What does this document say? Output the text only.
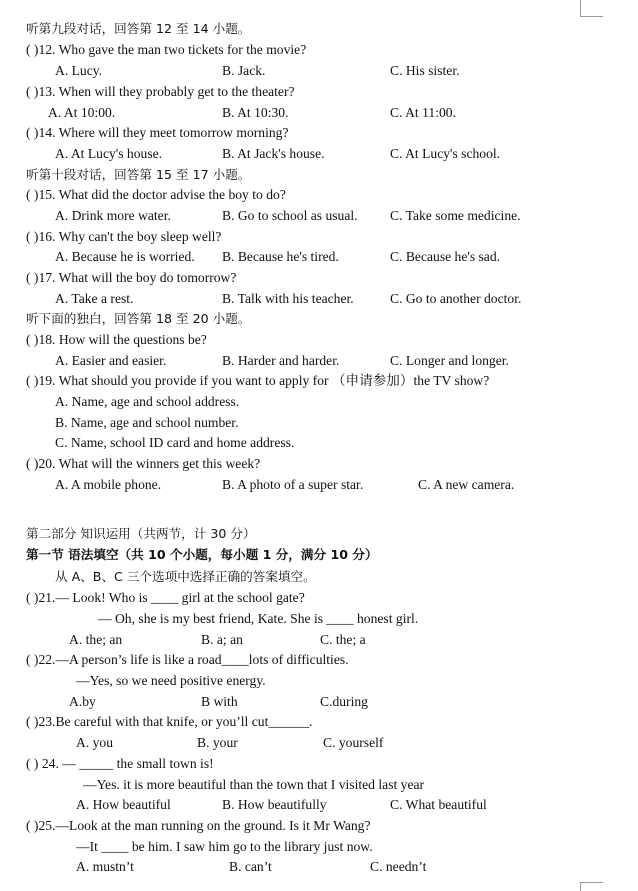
听第九段对话，回答第 12 至 14 小题。
( )12. Who gave the man two tickets for the movie?
A. Lucy.	B. Jack.	C. His sister.
( )13. When will they probably get to the theater?
A. At 10:00.	B. At 10:30.	C. At 11:00.
( )14. Where will they meet tomorrow morning?
A. At Lucy's house.	B. At Jack's house.	C. At Lucy's school.
听第十段对话，回答第 15 至 17 小题。
( )15. What did the doctor advise the boy to do?
A. Drink more water.	B. Go to school as usual. C. Take some medicine.
( )16. Why can't the boy sleep well?
A. Because he is worried. B. Because he's tired.	C. Because he's sad.
( )17. What will the boy do tomorrow?
A. Take a rest.	B. Talk with his teacher.	C. Go to another doctor.
听下面的独白，回答第 18 至 20 小题。
( )18. How will the questions be?
A. Easier and easier.	B. Harder and harder.	C. Longer and longer.
( )19. What should you provide if you want to apply for （申请参加）the TV show?
A. Name, age and school address.
B. Name, age and school number.
C. Name, school ID card and home address.
( )20. What will the winners get this week?
A. A mobile phone.	B. A photo of a super star.	C. A new camera.
第二部分 知识运用（共两节，计 30 分）
第一节 语法填空（共 10 个小题，每小题 1 分，满分 10 分）
从 A、B、C 三个选项中选择正确的答案填空。
( )21.— Look! Who is ____ girl at the school gate?
— Oh, she is my best friend, Kate. She is ____ honest girl.
A. the; an	B. a; an	C. the; a
( )22.—A person’s life is like a road____lots of difficulties.
—Yes, so we need positive energy.
A.by	B with	C.during
( )23.Be careful with that knife, or you’ll cut______.
A. you	B. your	C. yourself
( ) 24. — _____ the small town is!
—Yes. it is more beautiful than the town that I visited last year
A. How beautiful	B. How beautifully	C. What beautiful
( )25.—Look at the man running on the ground. Is it Mr Wang?
—It ____ be him. I saw him go to the library just now.
A. mustn’t	B. can’t	C. needn’t
